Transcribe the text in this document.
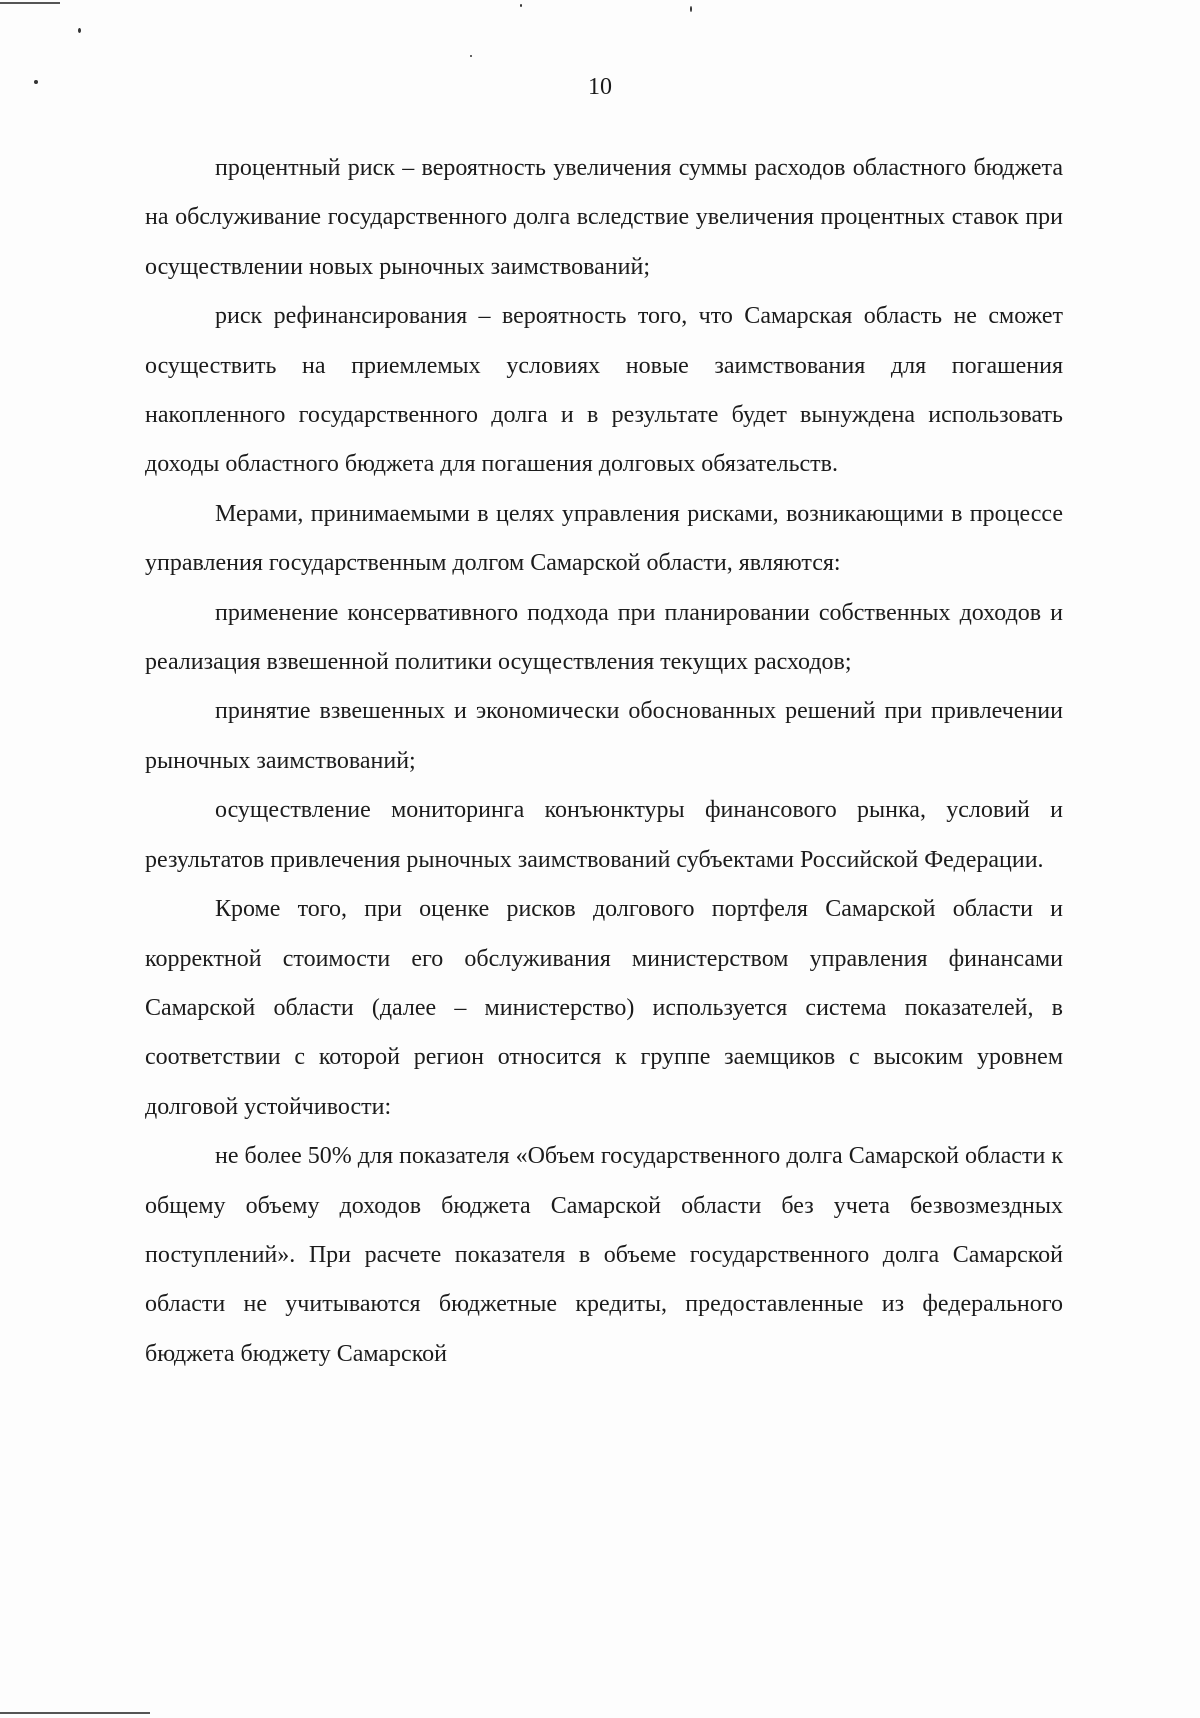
10

процентный риск – вероятность увеличения суммы расходов областного бюджета на обслуживание государственного долга вследствие увеличения процентных ставок при осуществлении новых рыночных заимствований;

риск рефинансирования – вероятность того, что Самарская область не сможет осуществить на приемлемых условиях новые заимствования для погашения накопленного государственного долга и в результате будет вынуждена использовать доходы областного бюджета для погашения долговых обязательств.

Мерами, принимаемыми в целях управления рисками, возникающими в процессе управления государственным долгом Самарской области, являются:

применение консервативного подхода при планировании собственных доходов и реализация взвешенной политики осуществления текущих расходов;

принятие взвешенных и экономически обоснованных решений при привлечении рыночных заимствований;

осуществление мониторинга конъюнктуры финансового рынка, условий и результатов привлечения рыночных заимствований субъектами Российской Федерации.

Кроме того, при оценке рисков долгового портфеля Самарской области и корректной стоимости его обслуживания министерством управления финансами Самарской области (далее – министерство) используется система показателей, в соответствии с которой регион относится к группе заемщиков с высоким уровнем долговой устойчивости:

не более 50% для показателя «Объем государственного долга Самарской области к общему объему доходов бюджета Самарской области без учета безвозмездных поступлений». При расчете показателя в объеме государственного долга Самарской области не учитываются бюджетные кредиты, предоставленные из федерального бюджета бюджету Самарской
